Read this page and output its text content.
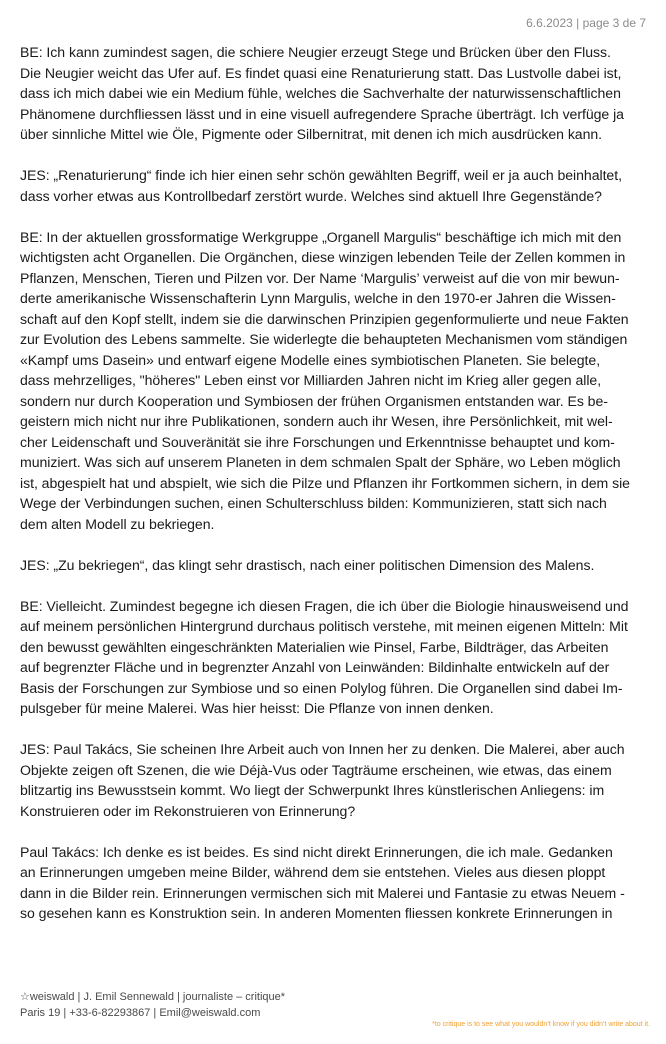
6.6.2023 | page 3 de 7

BE: Ich kann zumindest sagen, die schiere Neugier erzeugt Stege und Brücken über den Fluss.
Die Neugier weicht das Ufer auf. Es findet quasi eine Renaturierung statt. Das Lustvolle dabei ist,
dass ich mich dabei wie ein Medium fühle, welches die Sachverhalte der naturwissenschaftlichen
Phänomene durchfliessen lässt und in eine visuell aufregendere Sprache überträgt. Ich verfüge ja
über sinnliche Mittel wie Öle, Pigmente oder Silbernitrat, mit denen ich mich ausdrücken kann.

JES: „Renaturierung“ finde ich hier einen sehr schön gewählten Begriff, weil er ja auch beinhaltet,
dass vorher etwas aus Kontrollbedarf zerstört wurde. Welches sind aktuell Ihre Gegenstände?

BE: In der aktuellen grossformatige Werkgruppe „Organell Margulis“ beschäftige ich mich mit den
wichtigsten acht Organellen. Die Orgänchen, diese winzigen lebenden Teile der Zellen kommen in
Pflanzen, Menschen, Tieren und Pilzen vor. Der Name ‘Margulis’ verweist auf die von mir bewun-
derte amerikanische Wissenschafterin Lynn Margulis, welche in den 1970-er Jahren die Wissen-
schaft auf den Kopf stellt, indem sie die darwinschen Prinzipien gegenformulierte und neue Fakten
zur Evolution des Lebens sammelte. Sie widerlegte die behaupteten Mechanismen vom ständigen
«Kampf ums Dasein» und entwarf eigene Modelle eines symbiotischen Planeten. Sie belegte,
dass mehrzelliges, "höheres" Leben einst vor Milliarden Jahren nicht im Krieg aller gegen alle,
sondern nur durch Kooperation und Symbiosen der frühen Organismen entstanden war. Es be-
geistern mich nicht nur ihre Publikationen, sondern auch ihr Wesen, ihre Persönlichkeit, mit wel-
cher Leidenschaft und Souveränität sie ihre Forschungen und Erkenntnisse behauptet und kom-
muniziert. Was sich auf unserem Planeten in dem schmalen Spalt der Sphäre, wo Leben möglich
ist, abgespielt hat und abspielt, wie sich die Pilze und Pflanzen ihr Fortkommen sichern, in dem sie
Wege der Verbindungen suchen, einen Schulterschluss bilden: Kommunizieren, statt sich nach
dem alten Modell zu bekriegen.

JES: „Zu bekriegen“, das klingt sehr drastisch, nach einer politischen Dimension des Malens.

BE: Vielleicht. Zumindest begegne ich diesen Fragen, die ich über die Biologie hinausweisend und
auf meinem persönlichen Hintergrund durchaus politisch verstehe, mit meinen eigenen Mitteln: Mit
den bewusst gewählten eingeschränkten Materialien wie Pinsel, Farbe, Bildträger, das Arbeiten
auf begrenzter Fläche und in begrenzter Anzahl von Leinwänden: Bildinhalte entwickeln auf der
Basis der Forschungen zur Symbiose und so einen Polylog führen. Die Organellen sind dabei Im-
pulsgeber für meine Malerei. Was hier heisst: Die Pflanze von innen denken.

JES: Paul Takács, Sie scheinen Ihre Arbeit auch von Innen her zu denken. Die Malerei, aber auch
Objekte zeigen oft Szenen, die wie Déjà-Vus oder Tagträume erscheinen, wie etwas, das einem
blitzartig ins Bewusstsein kommt. Wo liegt der Schwerpunkt Ihres künstlerischen Anliegens: im
Konstruieren oder im Rekonstruieren von Erinnerung?

Paul Takács: Ich denke es ist beides. Es sind nicht direkt Erinnerungen, die ich male. Gedanken
an Erinnerungen umgeben meine Bilder, während dem sie entstehen. Vieles aus diesen ploppt
dann in die Bilder rein. Erinnerungen vermischen sich mit Malerei und Fantasie zu etwas Neuem -
so gesehen kann es Konstruktion sein. In anderen Momenten fliessen konkrete Erinnerungen in

☆weiswald | J. Emil Sennewald | journaliste – critique*
Paris 19 | +33-6-82293867 | Emil@weiswald.com
*to critique is to see what you wouldn’t know if you didn’t write about it.
